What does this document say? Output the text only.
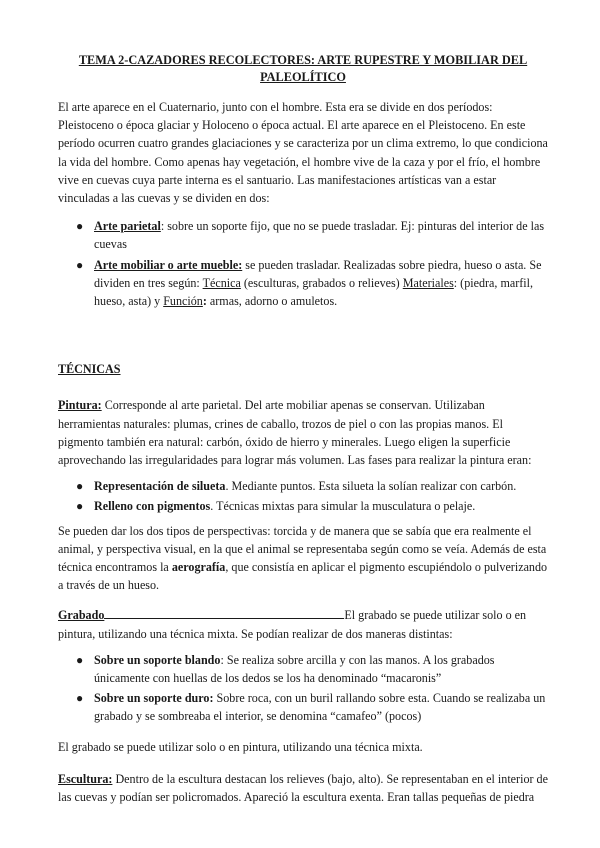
TEMA 2-CAZADORES RECOLECTORES: ARTE RUPESTRE Y MOBILIAR DEL PALEOLÍTICO

El arte aparece en el Cuaternario, junto con el hombre. Esta era se divide en dos períodos: Pleistoceno o época glaciar y Holoceno o época actual. El arte aparece en el Pleistoceno. En este período ocurren cuatro grandes glaciaciones y se caracteriza por un clima extremo, lo que condiciona la vida del hombre. Como apenas hay vegetación, el hombre vive de la caza y por el frío, el hombre vive en cuevas cuya parte interna es el santuario. Las manifestaciones artísticas van a estar vinculadas a las cuevas y se dividen en dos:

● Arte parietal: sobre un soporte fijo, que no se puede trasladar. Ej: pinturas del interior de las cuevas
● Arte mobiliar o arte mueble: se pueden trasladar. Realizadas sobre piedra, hueso o asta. Se dividen en tres según: Técnica (esculturas, grabados o relieves) Materiales: (piedra, marfil, hueso, asta) y Función: armas, adorno o amuletos.

TÉCNICAS

Pintura: Corresponde al arte parietal. Del arte mobiliar apenas se conservan. Utilizaban herramientas naturales: plumas, crines de caballo, trozos de piel o con las propias manos. El pigmento también era natural: carbón, óxido de hierro y minerales. Luego eligen la superficie aprovechando las irregularidades para lograr más volumen. Las fases para realizar la pintura eran:

● Representación de silueta. Mediante puntos. Esta silueta la solían realizar con carbón.
● Relleno con pigmentos. Técnicas mixtas para simular la musculatura o pelaje.

Se pueden dar los dos tipos de perspectivas: torcida y de manera que se sabía que era realmente el animal, y perspectiva visual, en la que el animal se representaba según como se veía. Además de esta técnica encontramos la aerografía, que consistía en aplicar el pigmento escupiéndolo o pulverizando a través de un hueso.

Grabado	El grabado se puede utilizar solo o en pintura, utilizando una técnica mixta. Se podían realizar de dos maneras distintas:

● Sobre un soporte blando: Se realiza sobre arcilla y con las manos. A los grabados únicamente con huellas de los dedos se los ha denominado “macaronis”
● Sobre un soporte duro: Sobre roca, con un buril rallando sobre esta. Cuando se realizaba un grabado y se sombreaba el interior, se denomina “camafeo” (pocos)

El grabado se puede utilizar solo o en pintura, utilizando una técnica mixta.

Escultura: Dentro de la escultura destacan los relieves (bajo, alto). Se representaban en el interior de las cuevas y podían ser policromados. Apareció la escultura exenta. Eran tallas pequeñas de piedra
